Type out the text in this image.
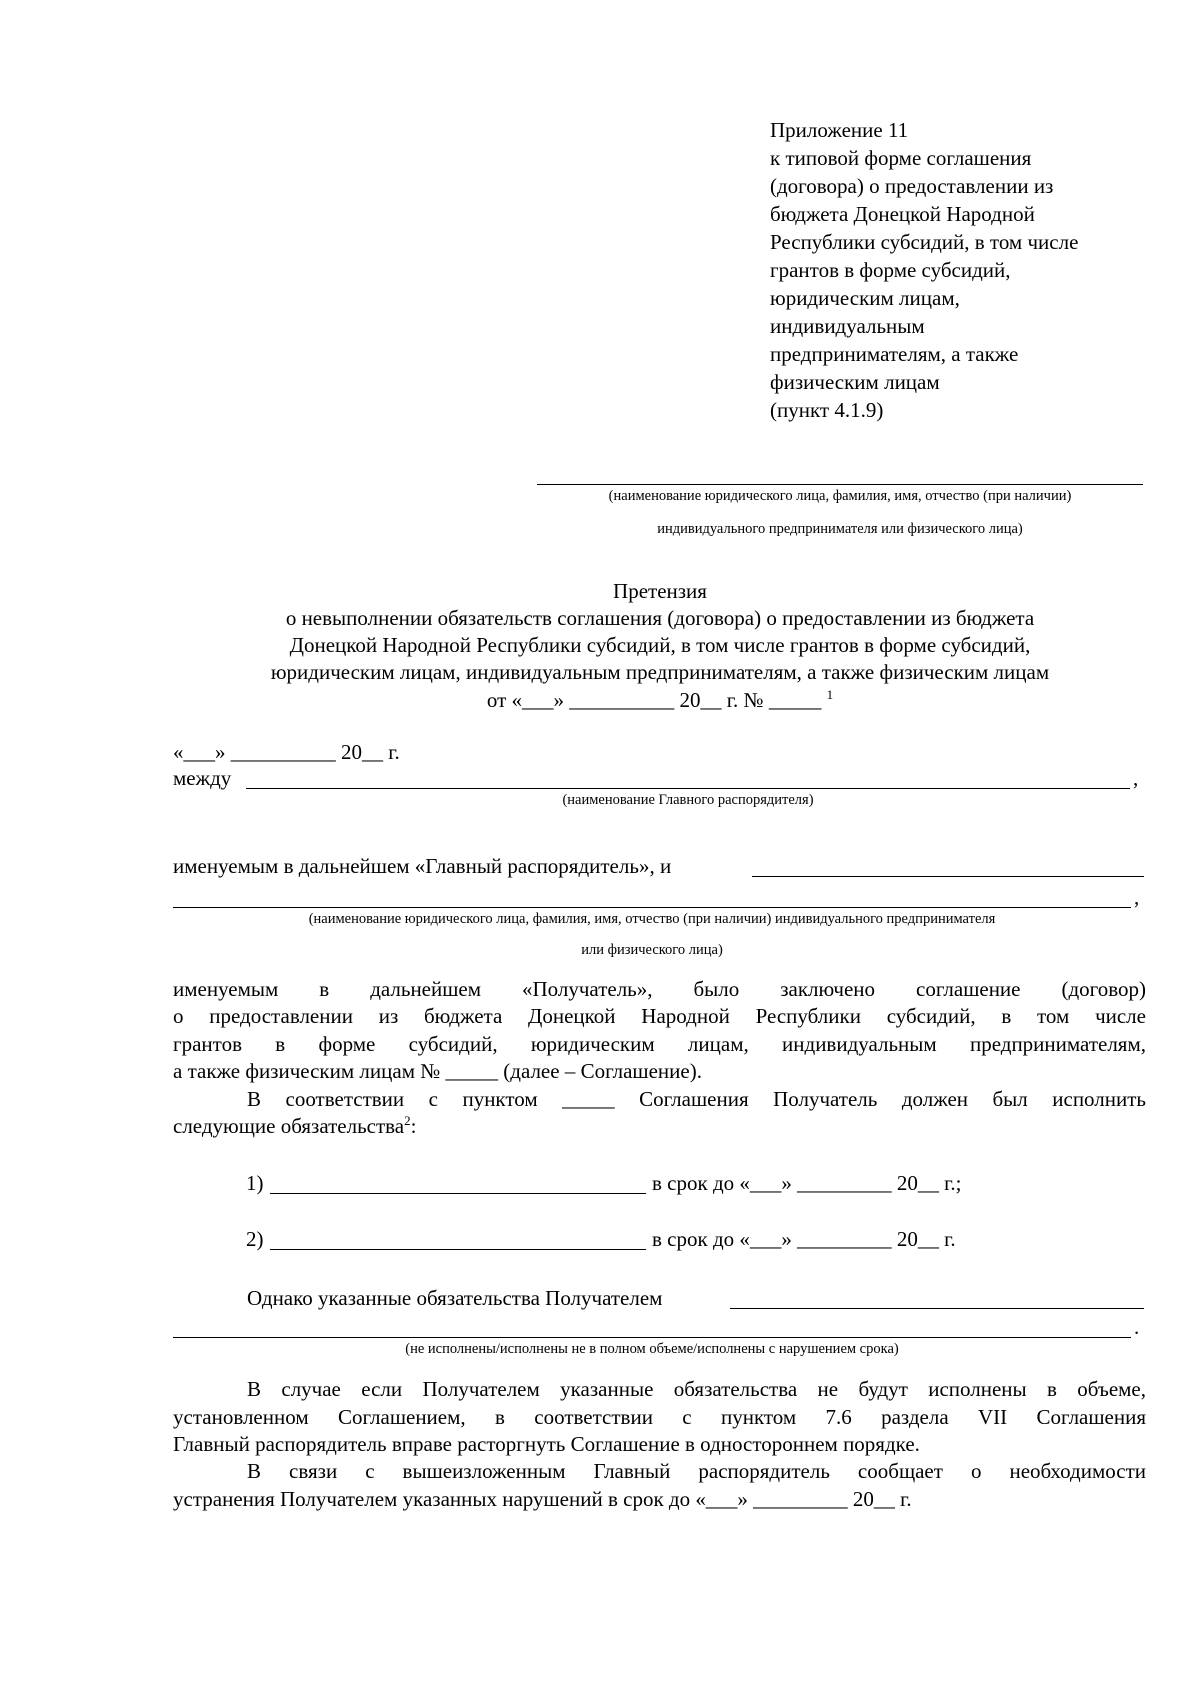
Приложение 11
к типовой форме соглашения
(договора) о предоставлении из
бюджета Донецкой Народной
Республики субсидий, в том числе
грантов в форме субсидий,
юридическим лицам,
индивидуальным
предпринимателям, а также
физическим лицам
(пункт 4.1.9)
(наименование юридического лица, фамилия, имя, отчество (при наличии)
индивидуального предпринимателя или физического лица)
Претензия
о невыполнении обязательств соглашения (договора) о предоставлении из бюджета
Донецкой Народной Республики субсидий, в том числе грантов в форме субсидий,
юридическим лицам, индивидуальным предпринимателям, а также физическим лицам
от «___» __________ 20__ г. № _____ $^1$
«___» __________ 20__ г.
между	,
(наименование Главного распорядителя)
именуемым в дальнейшем «Главный распорядитель», и
,
(наименование юридического лица, фамилия, имя, отчество (при наличии) индивидуального предпринимателя
или физического лица)
именуемым в дальнейшем «Получатель», было заключено соглашение (договор)
о предоставлении из бюджета Донецкой Народной Республики субсидий, в том числе
грантов в форме субсидий, юридическим лицам, индивидуальным предпринимателям,
а также физическим лицам № _____ (далее – Соглашение).
В соответствии с пунктом _____ Соглашения Получатель должен был исполнить
следующие обязательства$^2$:
1)	в срок до «___» _________ 20__ г.;
2)	в срок до «___» _________ 20__ г.
Однако указанные обязательства Получателем
.
(не исполнены/исполнены не в полном объеме/исполнены с нарушением срока)
В случае если Получателем указанные обязательства не будут исполнены в объеме,
установленном Соглашением, в соответствии с пунктом 7.6 раздела VII Соглашения
Главный распорядитель вправе расторгнуть Соглашение в одностороннем порядке.
В связи с вышеизложенным Главный распорядитель сообщает о необходимости
устранения Получателем указанных нарушений в срок до «___» _________ 20__ г.
